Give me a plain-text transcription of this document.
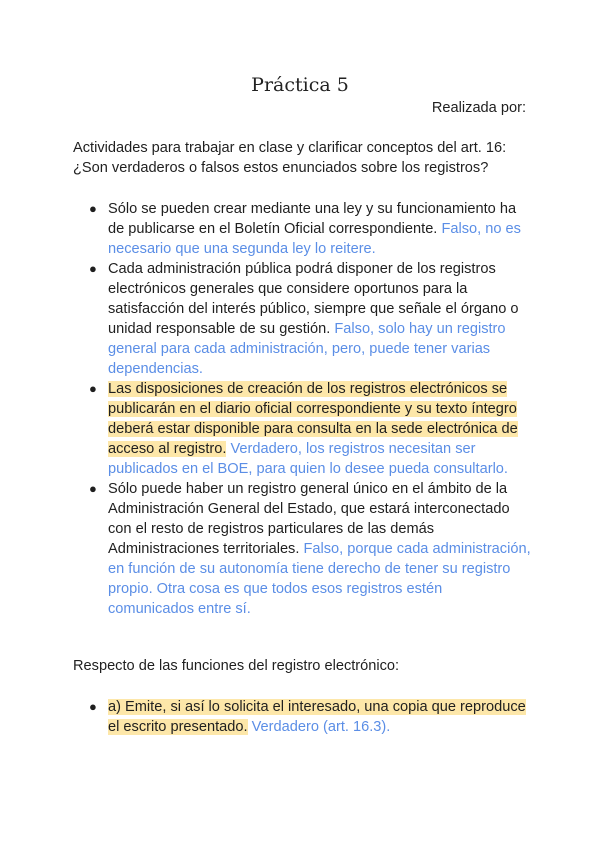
Práctica 5
Realizada por:

Actividades para trabajar en clase y clarificar conceptos del art. 16:

¿Son verdaderos o falsos estos enunciados sobre los registros?

● Sólo se pueden crear mediante una ley y su funcionamiento ha de publicarse en el Boletín Oficial correspondiente. Falso, no es necesario que una segunda ley lo reitere.
● Cada administración pública podrá disponer de los registros electrónicos generales que considere oportunos para la satisfacción del interés público, siempre que señale el órgano o unidad responsable de su gestión. Falso, solo hay un registro general para cada administración, pero, puede tener varias dependencias.
● Las disposiciones de creación de los registros electrónicos se publicarán en el diario oficial correspondiente y su texto íntegro deberá estar disponible para consulta en la sede electrónica de acceso al registro. Verdadero, los registros necesitan ser publicados en el BOE, para quien lo desee pueda consultarlo.
● Sólo puede haber un registro general único en el ámbito de la Administración General del Estado, que estará interconectado con el resto de registros particulares de las demás Administraciones territoriales. Falso, porque cada administración, en función de su autonomía tiene derecho de tener su registro propio. Otra cosa es que todos esos registros estén comunicados entre sí.

Respecto de las funciones del registro electrónico:

● a) Emite, si así lo solicita el interesado, una copia que reproduce el escrito presentado. Verdadero (art. 16.3).
